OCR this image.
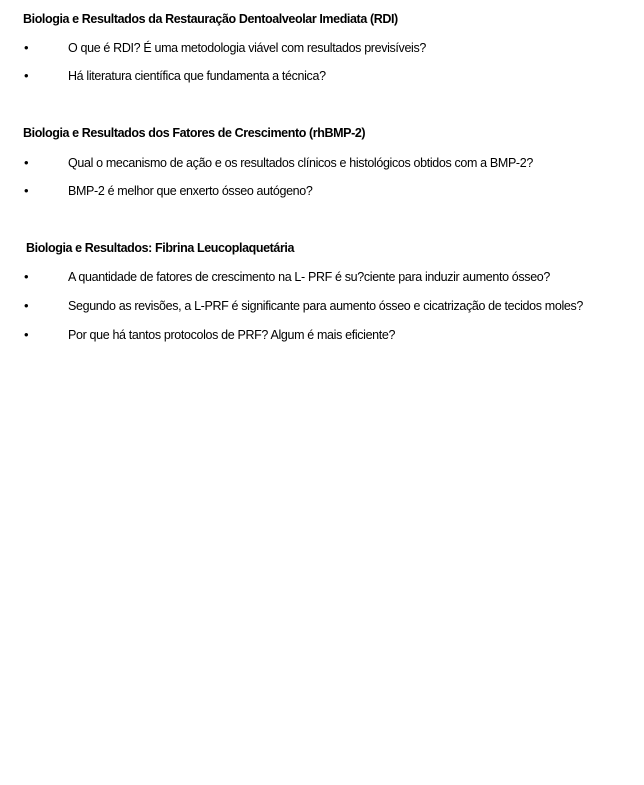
Biologia e Resultados da Restauração Dentoalveolar Imediata (RDI)
•	O que é RDI? É uma metodologia viável com resultados previsíveis?
•	Há literatura científica que fundamenta a técnica?
Biologia e Resultados dos Fatores de Crescimento (rhBMP-2)
•	Qual o mecanismo de ação e os resultados clínicos e histológicos obtidos com a BMP-2?
•	BMP-2 é melhor que enxerto ósseo autógeno?
Biologia e Resultados: Fibrina Leucoplaquetária
•	A quantidade de fatores de crescimento na L- PRF é su?ciente para induzir aumento ósseo?
•	Segundo as revisões, a L-PRF é significante para aumento ósseo e cicatrização de tecidos moles?
•	Por que há tantos protocolos de PRF? Algum é mais eficiente?
